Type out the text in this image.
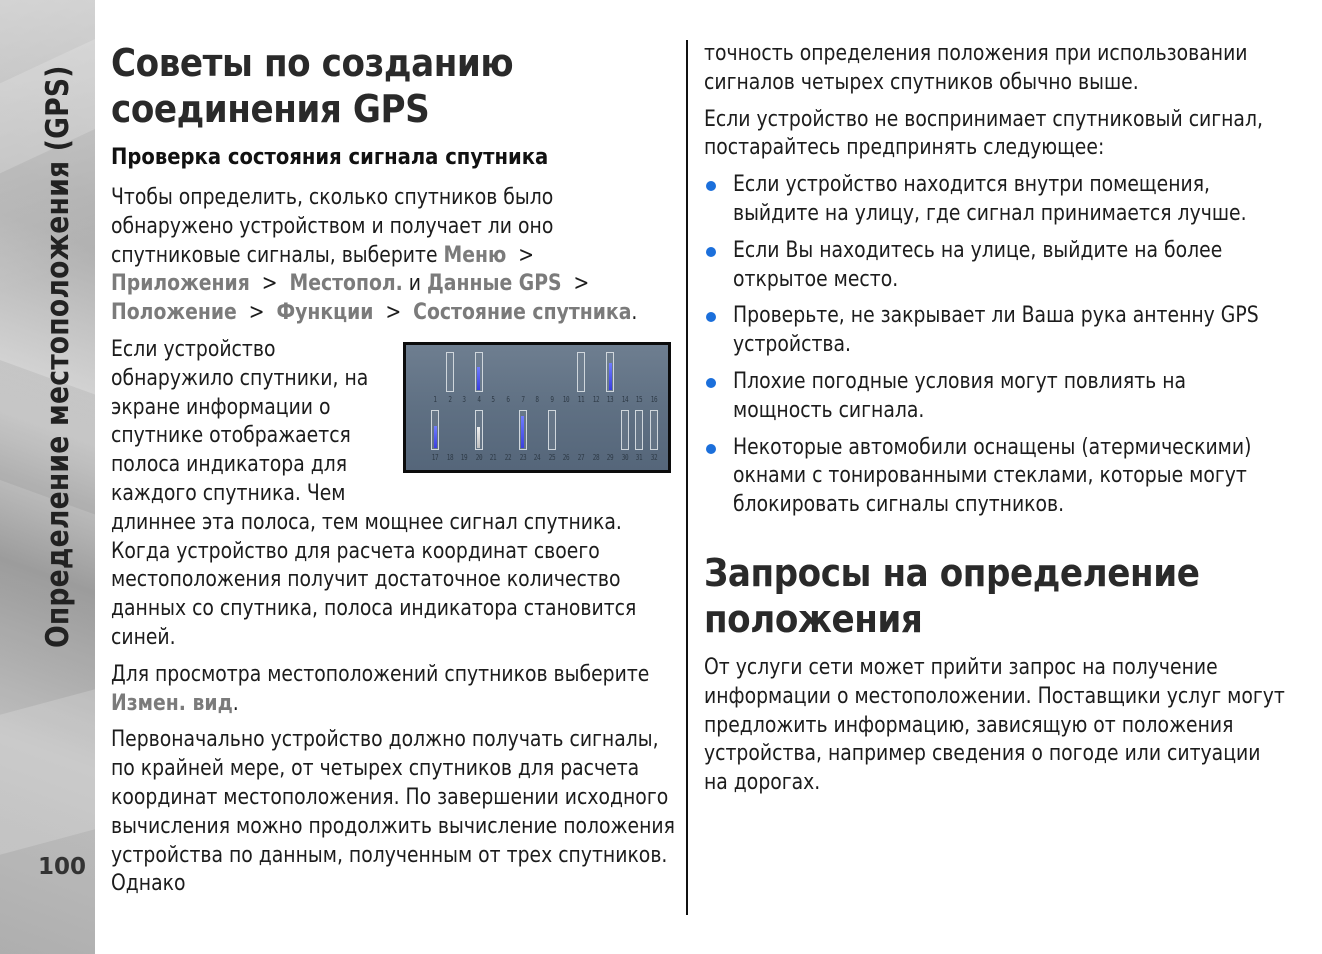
Определение местоположения (GPS)
100
Советы по созданию соединения GPS
Проверка состояния сигнала спутника

Чтобы определить, сколько спутников было обнаружено устройством и получает ли оно спутниковые сигналы, выберите Меню >
Приложения > Местопол. и Данные GPS >
Положение > Функции > Состояние спутника.

Если устройство обнаружило спутники, на экране информации о спутнике отображается полоса индикатора для каждого спутника. Чем
длиннее эта полоса, тем мощнее сигнал спутника. Когда устройство для расчета координат своего местоположения получит достаточное количество данных со спутника, полоса индикатора становится синей.

Для просмотра местоположений спутников выберите Измен. вид.

Первоначально устройство должно получать сигналы, по крайней мере, от четырех спутников для расчета координат местоположения. По завершении исходного вычисления можно продолжить вычисление положения устройства по данным, полученным от трех спутников. Однако

1	2	3	4	5	6	7	8	9	10 11 12 13 14 15 16
17 18 19 20 21 22 23 24 25 26 27 28 29 30 31 32

точность определения положения при использовании сигналов четырех спутников обычно выше.

Если устройство не воспринимает спутниковый сигнал, постарайтесь предпринять следующее:

Если устройство находится внутри помещения, выйдите на улицу, где сигнал принимается лучше.
Если Вы находитесь на улице, выйдите на более открытое место.
Проверьте, не закрывает ли Ваша рука антенну GPS устройства.
Плохие погодные условия могут повлиять на мощность сигнала.
Некоторые автомобили оснащены (атермическими) окнами с тонированными стеклами, которые могут блокировать сигналы спутников.
Запросы на определение положения

От услуги сети может прийти запрос на получение информации о местоположении. Поставщики услуг могут предложить информацию, зависящую от положения устройства, например сведения о погоде или ситуации на дорогах.
